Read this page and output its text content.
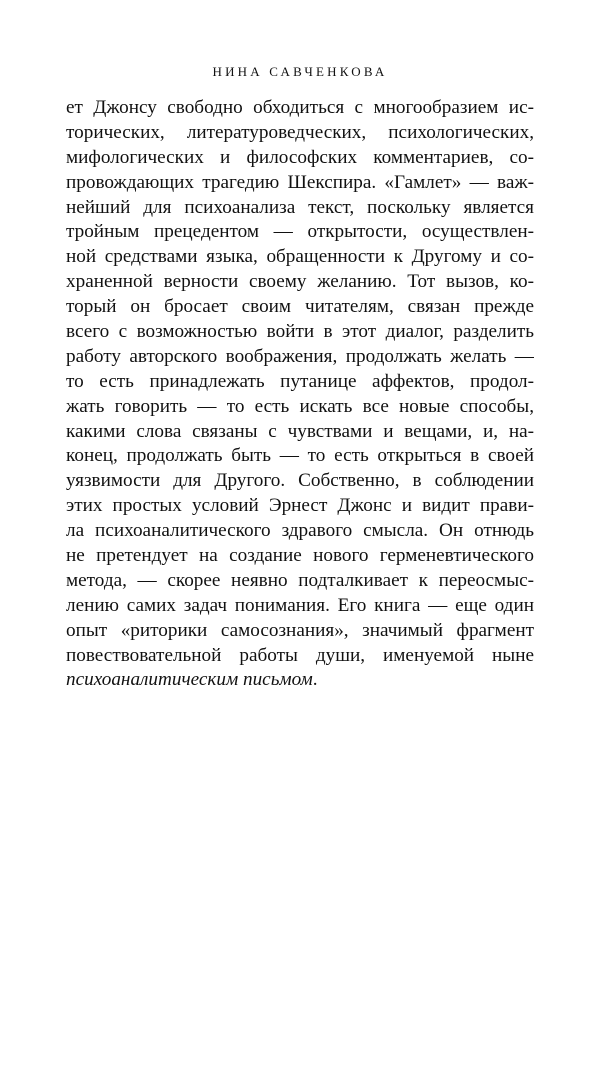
НИНА САВЧЕНКОВА
ет Джонсу свободно обходиться с многообразием ис-
торических, литературоведческих, психологических,
мифологических и философских комментариев, со-
провождающих трагедию Шекспира. «Гамлет» — важ-
нейший для психоанализа текст, поскольку является
тройным прецедентом — открытости, осуществлен-
ной средствами языка, обращенности к Другому и со-
храненной верности своему желанию. Тот вызов, ко-
торый он бросает своим читателям, связан прежде
всего с возможностью войти в этот диалог, разделить
работу авторского воображения, продолжать желать —
то есть принадлежать путанице аффектов, продол-
жать говорить — то есть искать все новые способы,
какими слова связаны с чувствами и вещами, и, на-
конец, продолжать быть — то есть открыться в своей
уязвимости для Другого. Собственно, в соблюдении
этих простых условий Эрнест Джонс и видит прави-
ла психоаналитического здравого смысла. Он отнюдь
не претендует на создание нового герменевтического
метода, — скорее неявно подталкивает к переосмыс-
лению самих задач понимания. Его книга — еще один
опыт «риторики самосознания», значимый фрагмент
повествовательной работы души, именуемой ныне
психоаналитическим письмом.
